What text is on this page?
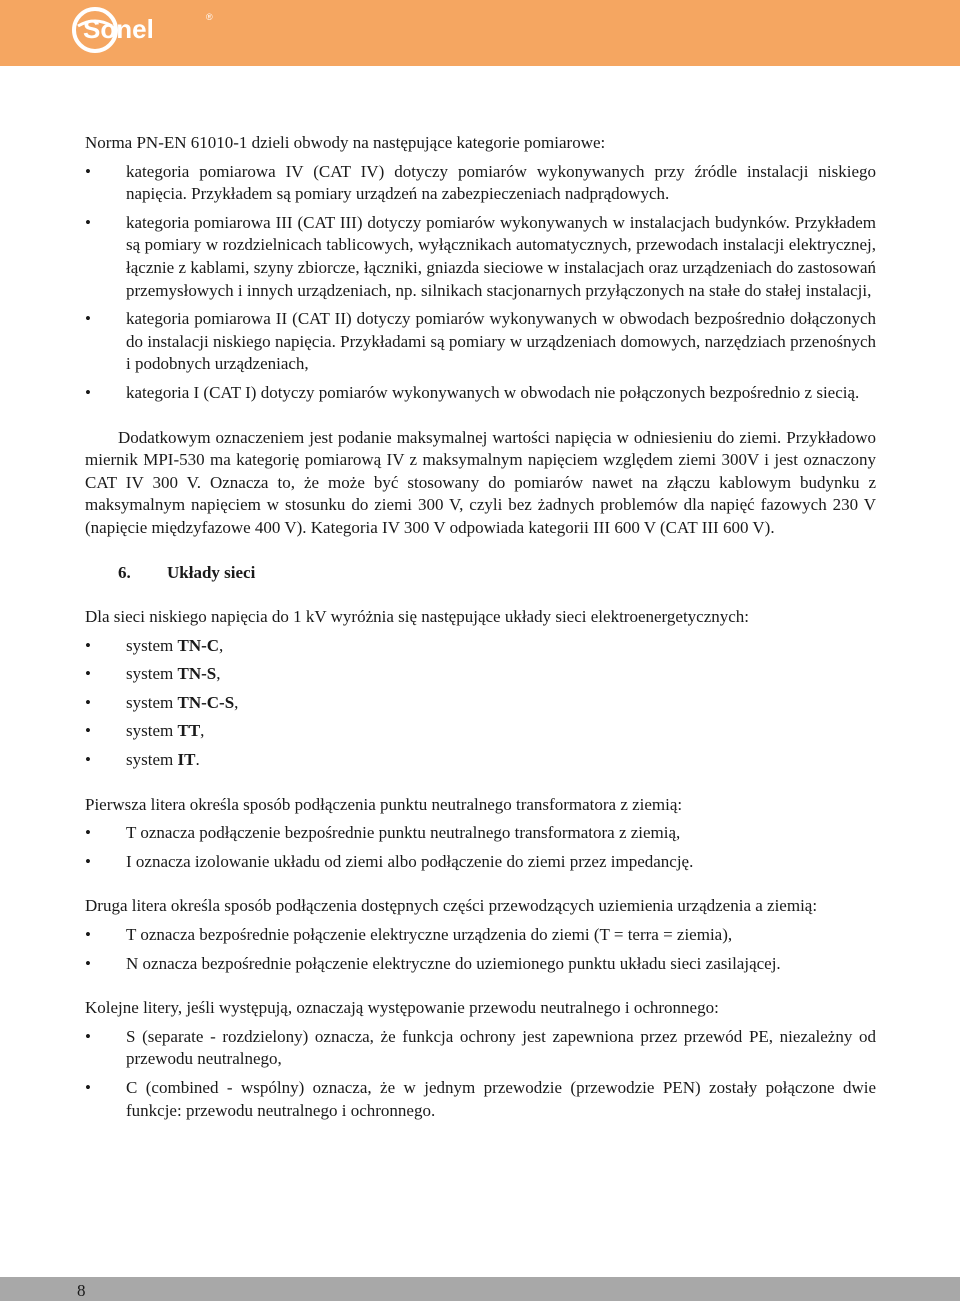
Sonel	®

Norma PN-EN 61010-1 dzieli obwody na następujące kategorie pomiarowe:

• kategoria pomiarowa IV (CAT IV) dotyczy pomiarów wykonywanych przy źródle instalacji niskiego napięcia. Przykładem są pomiary urządzeń na zabezpieczeniach nadprądowych.
• kategoria pomiarowa III (CAT III) dotyczy pomiarów wykonywanych w instalacjach budynków. Przykładem są pomiary w rozdzielnicach tablicowych, wyłącznikach automatycznych, przewodach instalacji elektrycznej, łącznie z kablami, szyny zbiorcze, łączniki, gniazda sieciowe w instalacjach oraz urządzeniach do zastosowań przemysłowych i innych urządzeniach, np. silnikach stacjonarnych przyłączonych na stałe do stałej instalacji,
• kategoria pomiarowa II (CAT II) dotyczy pomiarów wykonywanych w obwodach bezpośrednio dołączonych do instalacji niskiego napięcia. Przykładami są pomiary w urządzeniach domowych, narzędziach przenośnych i podobnych urządzeniach,
• kategoria I (CAT I) dotyczy pomiarów wykonywanych w obwodach nie połączonych bezpośrednio z siecią.

Dodatkowym oznaczeniem jest podanie maksymalnej wartości napięcia w odniesieniu do ziemi. Przykładowo miernik MPI-530 ma kategorię pomiarową IV z maksymalnym napięciem względem ziemi 300V i jest oznaczony CAT IV 300 V. Oznacza to, że może być stosowany do pomiarów nawet na złączu kablowym budynku z maksymalnym napięciem w stosunku do ziemi 300 V, czyli bez żadnych problemów dla napięć fazowych 230 V (napięcie międzyfazowe 400 V). Kategoria IV 300 V odpowiada kategorii III 600 V (CAT III 600 V).

6.	Układy sieci

Dla sieci niskiego napięcia do 1 kV wyróżnia się następujące układy sieci elektroenergetycznych:

• system TN-C,
• system TN-S,
• system TN-C-S,
• system TT,
• system IT.

Pierwsza litera określa sposób podłączenia punktu neutralnego transformatora z ziemią:

• T oznacza podłączenie bezpośrednie punktu neutralnego transformatora z ziemią,
• I oznacza izolowanie układu od ziemi albo podłączenie do ziemi przez impedancję.

Druga litera określa sposób podłączenia dostępnych części przewodzących uziemienia urządzenia a ziemią:

• T oznacza bezpośrednie połączenie elektryczne urządzenia do ziemi (T = terra = ziemia),
• N oznacza bezpośrednie połączenie elektryczne do uziemionego punktu układu sieci zasilającej.

Kolejne litery, jeśli występują, oznaczają występowanie przewodu neutralnego i ochronnego:

• S (separate - rozdzielony) oznacza, że funkcja ochrony jest zapewniona przez przewód PE, niezależny od przewodu neutralnego,
• C (combined - wspólny) oznacza, że w jednym przewodzie (przewodzie PEN) zostały połączone dwie funkcje: przewodu neutralnego i ochronnego.
8
